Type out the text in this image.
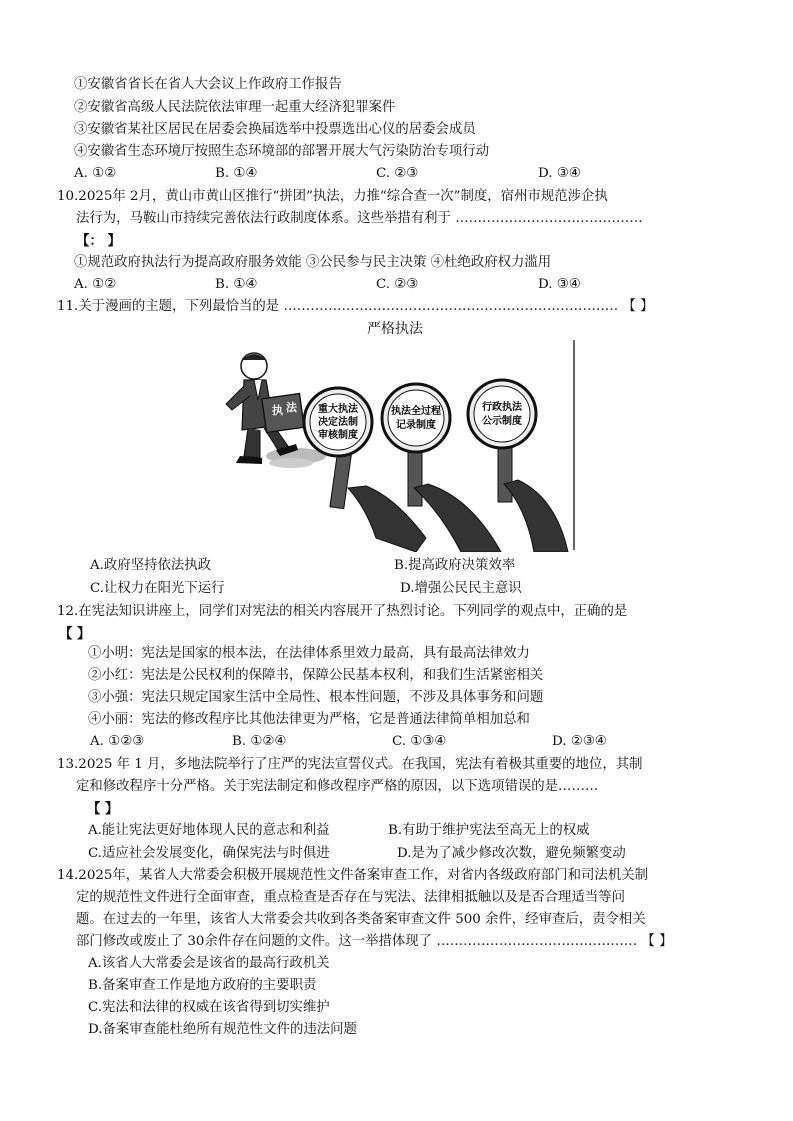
①安徽省省长在省人大会议上作政府工作报告
②安徽省高级人民法院依法审理一起重大经济犯罪案件
③安徽省某社区居民在居委会换届选举中投票选出心仪的居委会成员
④安徽省生态环境厅按照生态环境部的部署开展大气污染防治专项行动
A. ①②	B. ①④	C. ②③	D. ③④
10.2025年 2月，黄山市黄山区推行“拼团”执法，力推“综合查一次”制度，宿州市规范涉企执
法行为，马鞍山市持续完善依法行政制度体系。这些举措有利于 ……………………………………
【： 】
①规范政府执法行为提高政府服务效能 ③公民参与民主决策 ④杜绝政府权力滥用
A. ①②	B. ①④	C. ②③	D. ③④
11.关于漫画的主题，下列最恰当的是 ………………………………………………………………… 【 】
严格执法
执 法 重大执法
决定法制
审核制度
执法全过程
记录制度
行政执法
公示制度
A.政府坚持依法执政	B.提高政府决策效率
C.让权力在阳光下运行	D.增强公民民主意识
12.在宪法知识讲座上，同学们对宪法的相关内容展开了热烈讨论。下列同学的观点中，正确的是
【 】
①小明：宪法是国家的根本法，在法律体系里效力最高，具有最高法律效力
②小红：宪法是公民权利的保障书，保障公民基本权利，和我们生活紧密相关
③小强：宪法只规定国家生活中全局性、根本性问题，不涉及具体事务和问题
④小丽：宪法的修改程序比其他法律更为严格，它是普通法律简单相加总和
A. ①②③	B. ①②④	C. ①③④	D. ②③④
13.2025 年 1 月，多地法院举行了庄严的宪法宣誓仪式。在我国，宪法有着极其重要的地位，其制
定和修改程序十分严格。关于宪法制定和修改程序严格的原因，以下选项错误的是………
【 】
A.能让宪法更好地体现人民的意志和利益	B.有助于维护宪法至高无上的权威
C.适应社会发展变化，确保宪法与时俱进	D.是为了减少修改次数，避免频繁变动
14.2025年，某省人大常委会积极开展规范性文件备案审查工作，对省内各级政府部门和司法机关制
定的规范性文件进行全面审查，重点检查是否存在与宪法、法律相抵触以及是否合理适当等问
题。在过去的一年里，该省人大常委会共收到各类备案审查文件 500 余件，经审查后，责令相关
部门修改或废止了 30余件存在问题的文件。这一举措体现了 ……………………………………… 【 】
A.该省人大常委会是该省的最高行政机关
B.备案审查工作是地方政府的主要职责
C.宪法和法律的权威在该省得到切实维护
D.备案审查能杜绝所有规范性文件的违法问题
